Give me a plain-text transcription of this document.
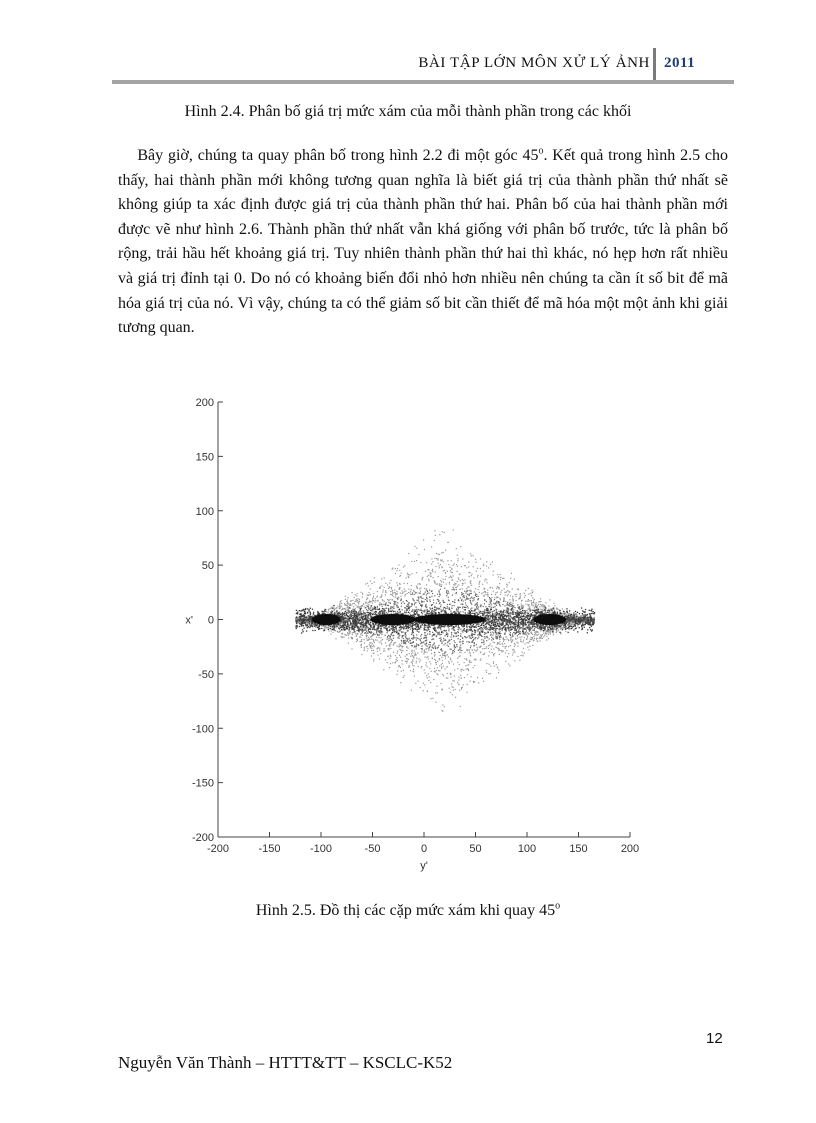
BÀI TẬP LỚN MÔN XỬ LÝ ẢNH 2011
Hình 2.4. Phân bố giá trị mức xám của mỗi thành phần trong các khối

Bây giờ, chúng ta quay phân bố trong hình 2.2 đi một góc 45$^o$. Kết quả trong hình 2.5 cho thấy, hai thành phần mới không tương quan nghĩa là biết giá trị của thành phần thứ nhất sẽ không giúp ta xác định được giá trị của thành phần thứ hai. Phân bố của hai thành phần mới được vẽ như hình 2.6. Thành phần thứ nhất vẫn khá giống với phân bố trước, tức là phân bố rộng, trải hầu hết khoảng giá trị. Tuy nhiên thành phần thứ hai thì khác, nó hẹp hơn rất nhiều và giá trị đỉnh tại 0. Do nó có khoảng biến đổi nhỏ hơn nhiều nên chúng ta cần ít số bit để mã hóa giá trị của nó. Vì vậy, chúng ta có thể giảm số bit cần thiết để mã hóa một một ảnh khi giải tương quan.

200
150
100
50
0
-50
-100
-150
-200
-200	-150	-100	-50	0	50	100	150	200
y'
x'
Hình 2.5. Đồ thị các cặp mức xám khi quay 45$^o$
12
Nguyễn Văn Thành – HTTT&TT – KSCLC-K52
